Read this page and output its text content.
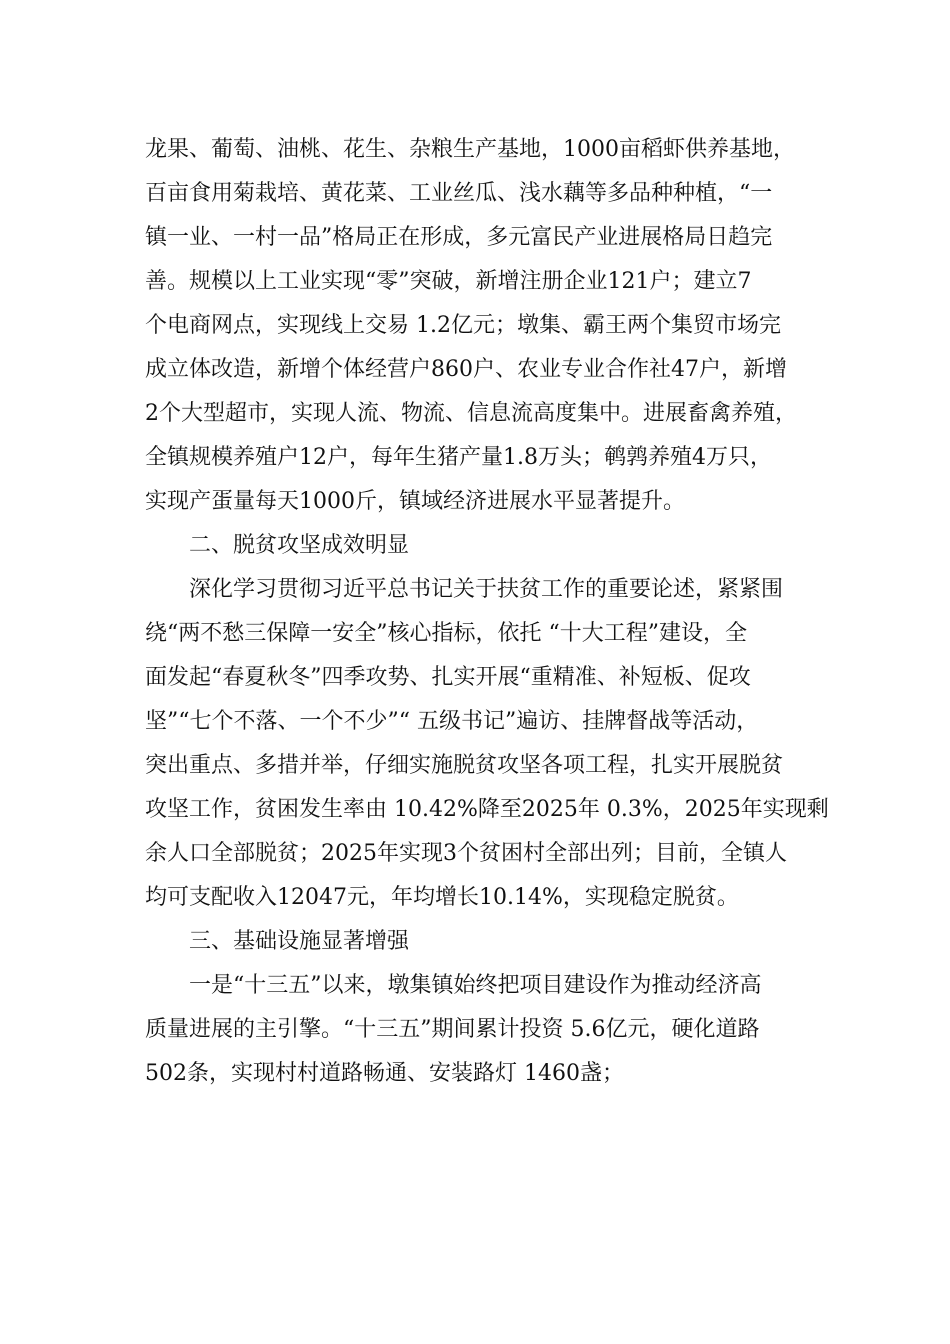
龙果、葡萄、油桃、花生、杂粮生产基地，1000亩稻虾供养基地，
百亩食用菊栽培、黄花菜、工业丝瓜、浅水藕等多品种种植，“一
镇一业、一村一品”格局正在形成，多元富民产业进展格局日趋完
善。规模以上工业实现“零”突破，新增注册企业121户；建立7
个电商网点，实现线上交易 1.2亿元；墩集、霸王两个集贸市场完
成立体改造，新增个体经营户860户、农业专业合作社47户，新增
2个大型超市，实现人流、物流、信息流高度集中。进展畜禽养殖，
全镇规模养殖户12户，每年生猪产量1.8万头；鹌鹑养殖4万只，
实现产蛋量每天1000斤，镇域经济进展水平显著提升。
二、脱贫攻坚成效明显
深化学习贯彻习近平总书记关于扶贫工作的重要论述，紧紧围
绕“两不愁三保障一安全”核心指标，依托 “十大工程”建设，全
面发起“春夏秋冬”四季攻势、扎实开展“重精准、补短板、促攻
坚”“七个不落、一个不少”“ 五级书记”遍访、挂牌督战等活动，
突出重点、多措并举，仔细实施脱贫攻坚各项工程，扎实开展脱贫
攻坚工作，贫困发生率由 10.42%降至2025年 0.3%，2025年实现剩
余人口全部脱贫；2025年实现3个贫困村全部出列；目前，全镇人
均可支配收入12047元，年均增长10.14%，实现稳定脱贫。
三、基础设施显著增强
一是“十三五”以来，墩集镇始终把项目建设作为推动经济高
质量进展的主引擎。“十三五”期间累计投资 5.6亿元，硬化道路
502条，实现村村道路畅通、安装路灯 1460盏；
